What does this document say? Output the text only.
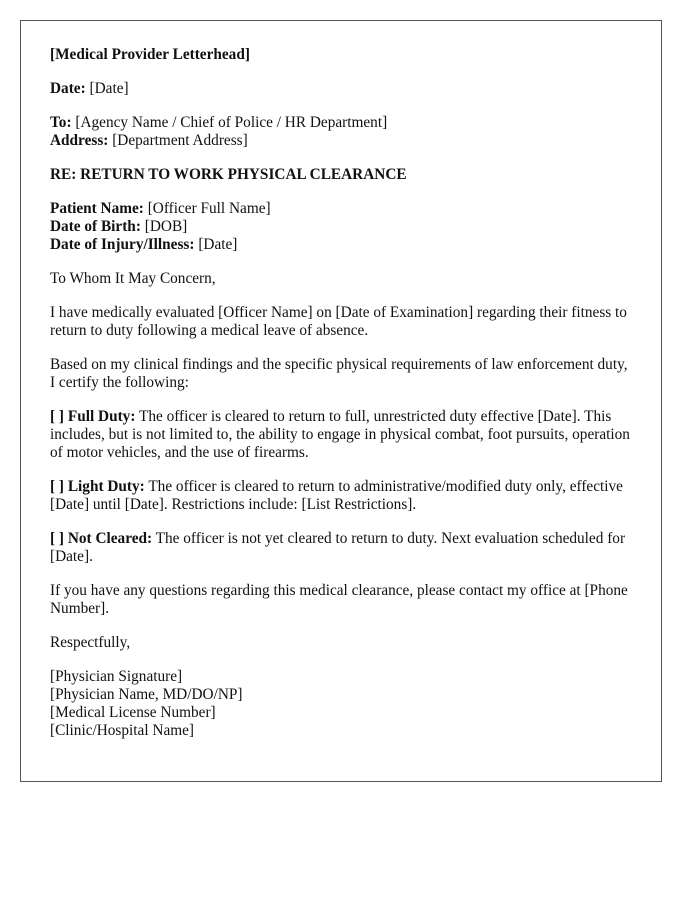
[Medical Provider Letterhead]
Date: [Date]
To: [Agency Name / Chief of Police / HR Department]
Address: [Department Address]
RE: RETURN TO WORK PHYSICAL CLEARANCE
Patient Name: [Officer Full Name]
Date of Birth: [DOB]
Date of Injury/Illness: [Date]
To Whom It May Concern,
I have medically evaluated [Officer Name] on [Date of Examination] regarding their fitness to return to duty following a medical leave of absence.
Based on my clinical findings and the specific physical requirements of law enforcement duty, I certify the following:
[ ] Full Duty: The officer is cleared to return to full, unrestricted duty effective [Date]. This includes, but is not limited to, the ability to engage in physical combat, foot pursuits, operation of motor vehicles, and the use of firearms.
[ ] Light Duty: The officer is cleared to return to administrative/modified duty only, effective [Date] until [Date]. Restrictions include: [List Restrictions].
[ ] Not Cleared: The officer is not yet cleared to return to duty. Next evaluation scheduled for [Date].
If you have any questions regarding this medical clearance, please contact my office at [Phone Number].
Respectfully,
[Physician Signature]
[Physician Name, MD/DO/NP]
[Medical License Number]
[Clinic/Hospital Name]
